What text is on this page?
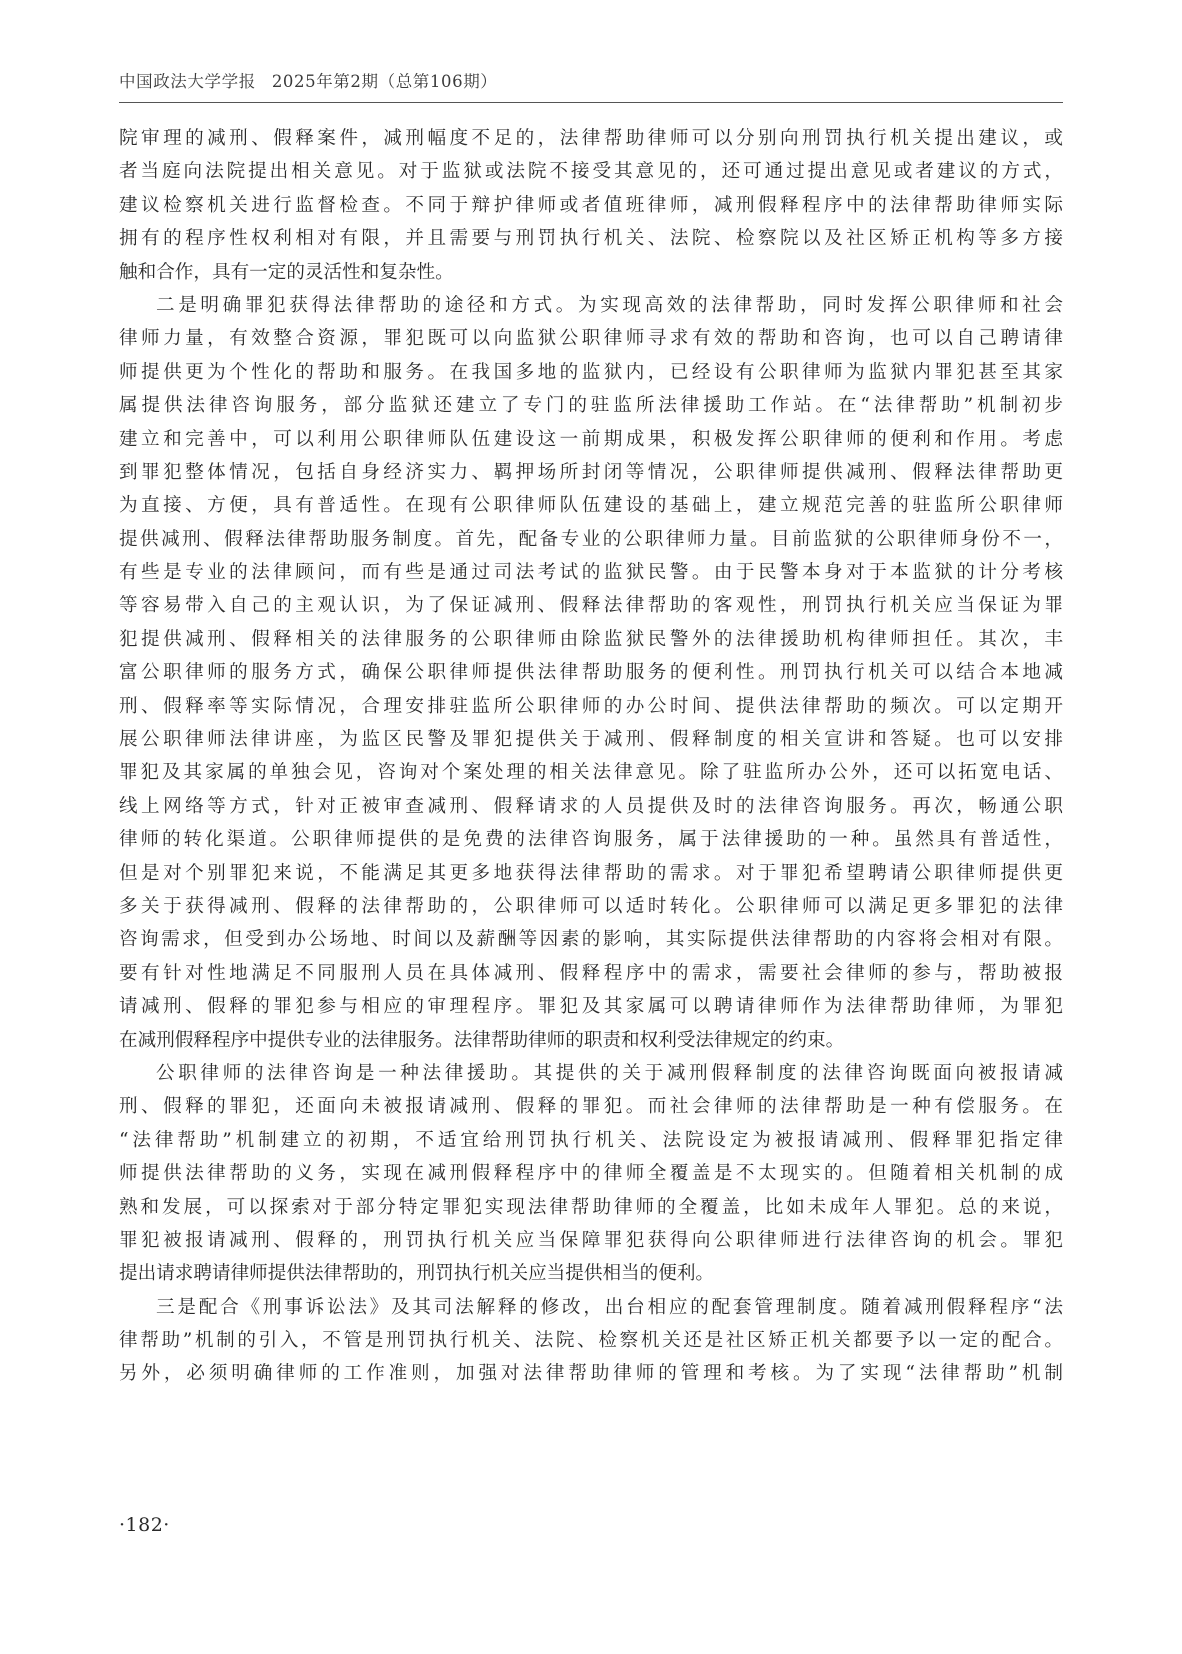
中国政法大学学报 2025年第2期（总第106期）
院审理的减刑、假释案件，减刑幅度不足的，法律帮助律师可以分别向刑罚执行机关提出建议，或
者当庭向法院提出相关意见。对于监狱或法院不接受其意见的，还可通过提出意见或者建议的方式，
建议检察机关进行监督检查。不同于辩护律师或者值班律师，减刑假释程序中的法律帮助律师实际
拥有的程序性权利相对有限，并且需要与刑罚执行机关、法院、检察院以及社区矫正机构等多方接
触和合作，具有一定的灵活性和复杂性。
二是明确罪犯获得法律帮助的途径和方式。为实现高效的法律帮助，同时发挥公职律师和社会
律师力量，有效整合资源，罪犯既可以向监狱公职律师寻求有效的帮助和咨询，也可以自己聘请律
师提供更为个性化的帮助和服务。在我国多地的监狱内，已经设有公职律师为监狱内罪犯甚至其家
属提供法律咨询服务，部分监狱还建立了专门的驻监所法律援助工作站。在“法律帮助”机制初步
建立和完善中，可以利用公职律师队伍建设这一前期成果，积极发挥公职律师的便利和作用。考虑
到罪犯整体情况，包括自身经济实力、羁押场所封闭等情况，公职律师提供减刑、假释法律帮助更
为直接、方便，具有普适性。在现有公职律师队伍建设的基础上，建立规范完善的驻监所公职律师
提供减刑、假释法律帮助服务制度。首先，配备专业的公职律师力量。目前监狱的公职律师身份不一，
有些是专业的法律顾问，而有些是通过司法考试的监狱民警。由于民警本身对于本监狱的计分考核
等容易带入自己的主观认识，为了保证减刑、假释法律帮助的客观性，刑罚执行机关应当保证为罪
犯提供减刑、假释相关的法律服务的公职律师由除监狱民警外的法律援助机构律师担任。其次，丰
富公职律师的服务方式，确保公职律师提供法律帮助服务的便利性。刑罚执行机关可以结合本地减
刑、假释率等实际情况，合理安排驻监所公职律师的办公时间、提供法律帮助的频次。可以定期开
展公职律师法律讲座，为监区民警及罪犯提供关于减刑、假释制度的相关宣讲和答疑。也可以安排
罪犯及其家属的单独会见，咨询对个案处理的相关法律意见。除了驻监所办公外，还可以拓宽电话、
线上网络等方式，针对正被审查减刑、假释请求的人员提供及时的法律咨询服务。再次，畅通公职
律师的转化渠道。公职律师提供的是免费的法律咨询服务，属于法律援助的一种。虽然具有普适性，
但是对个别罪犯来说，不能满足其更多地获得法律帮助的需求。对于罪犯希望聘请公职律师提供更
多关于获得减刑、假释的法律帮助的，公职律师可以适时转化。公职律师可以满足更多罪犯的法律
咨询需求，但受到办公场地、时间以及薪酬等因素的影响，其实际提供法律帮助的内容将会相对有限。
要有针对性地满足不同服刑人员在具体减刑、假释程序中的需求，需要社会律师的参与，帮助被报
请减刑、假释的罪犯参与相应的审理程序。罪犯及其家属可以聘请律师作为法律帮助律师，为罪犯
在减刑假释程序中提供专业的法律服务。法律帮助律师的职责和权利受法律规定的约束。
公职律师的法律咨询是一种法律援助。其提供的关于减刑假释制度的法律咨询既面向被报请减
刑、假释的罪犯，还面向未被报请减刑、假释的罪犯。而社会律师的法律帮助是一种有偿服务。在
“法律帮助”机制建立的初期，不适宜给刑罚执行机关、法院设定为被报请减刑、假释罪犯指定律
师提供法律帮助的义务，实现在减刑假释程序中的律师全覆盖是不太现实的。但随着相关机制的成
熟和发展，可以探索对于部分特定罪犯实现法律帮助律师的全覆盖，比如未成年人罪犯。总的来说，
罪犯被报请减刑、假释的，刑罚执行机关应当保障罪犯获得向公职律师进行法律咨询的机会。罪犯
提出请求聘请律师提供法律帮助的，刑罚执行机关应当提供相当的便利。
三是配合《刑事诉讼法》及其司法解释的修改，出台相应的配套管理制度。随着减刑假释程序“法
律帮助”机制的引入，不管是刑罚执行机关、法院、检察机关还是社区矫正机关都要予以一定的配合。
另外，必须明确律师的工作准则，加强对法律帮助律师的管理和考核。为了实现“法律帮助”机制
·182·
